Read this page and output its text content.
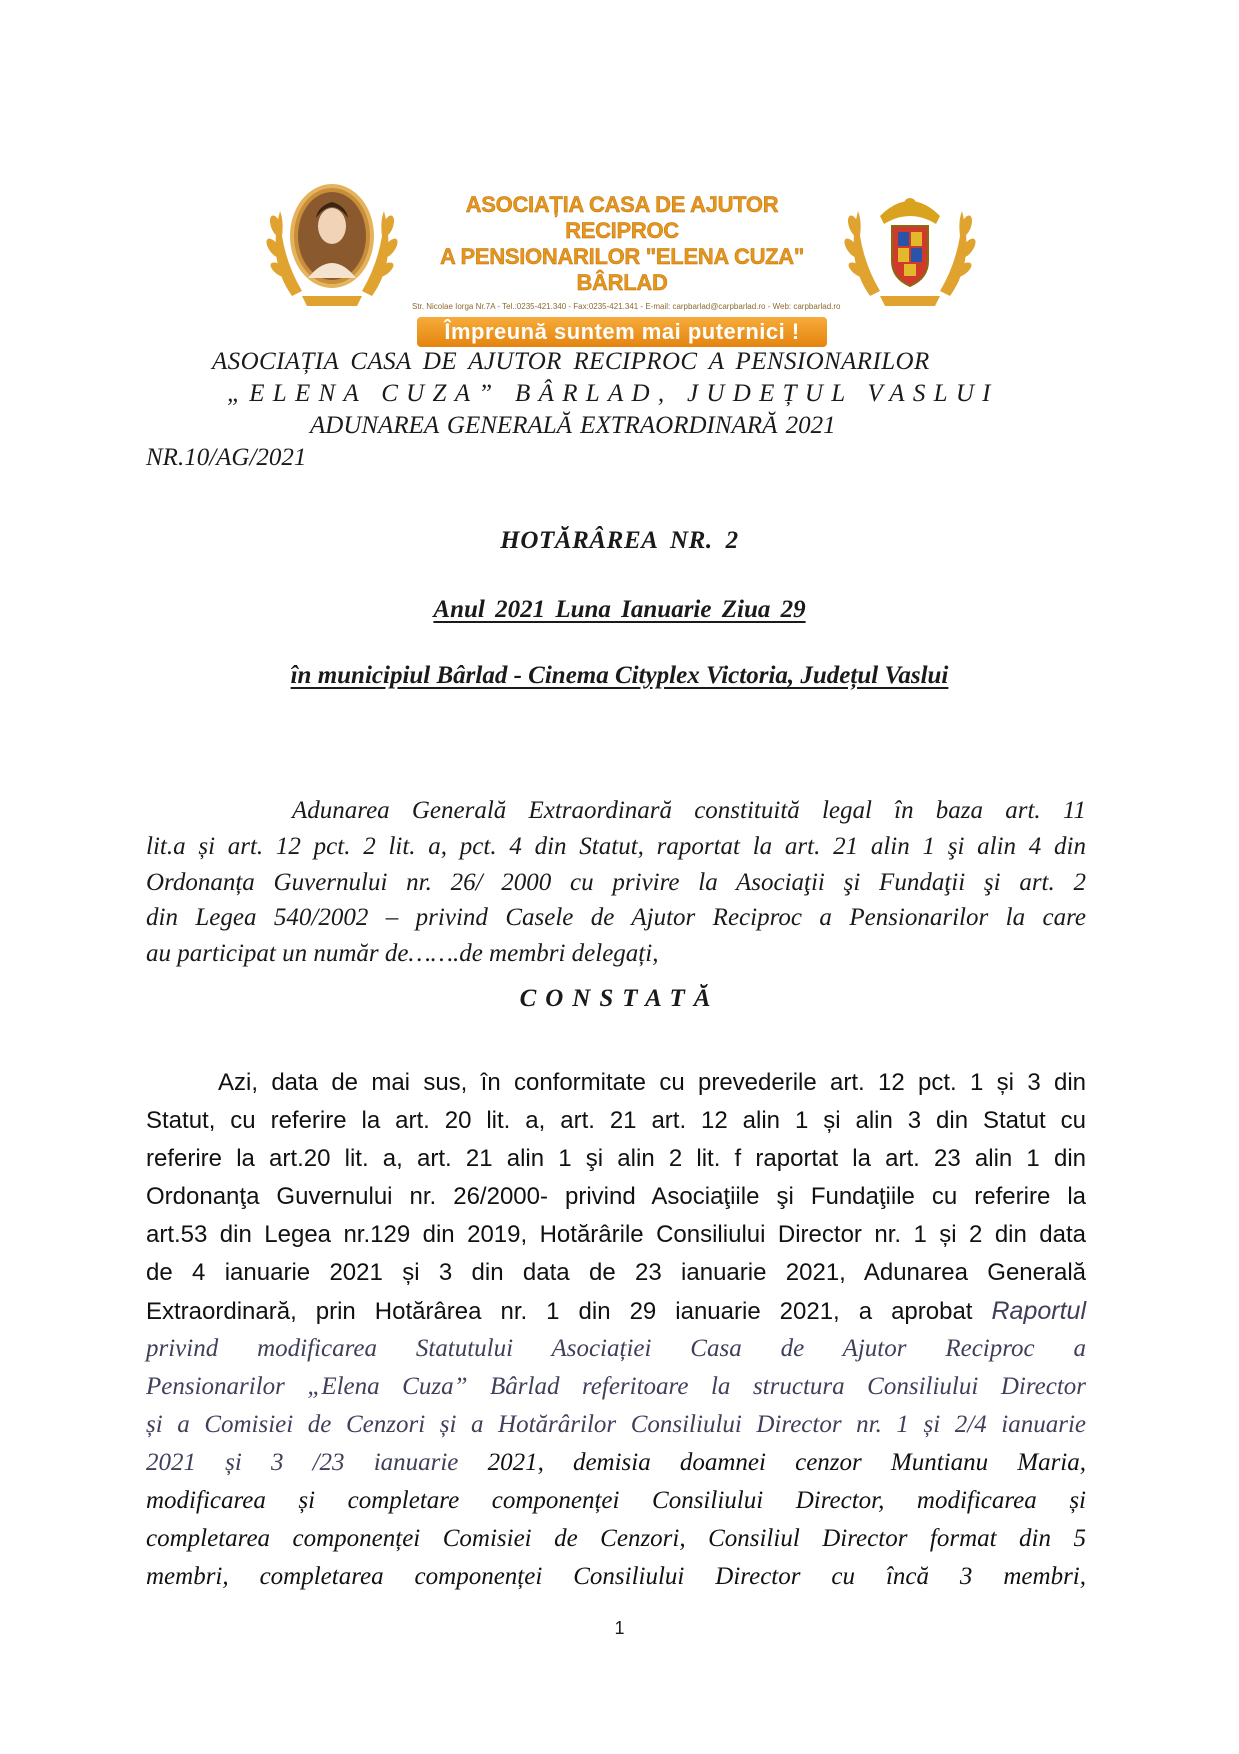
ASOCIAȚIA CASA DE AJUTOR RECIPROC
A PENSIONARILOR "ELENA CUZA" BÂRLAD
Str. Nicolae Iorga Nr.7A - Tel.:0235-421.340 - Fax:0235-421.341 - E-mail: carpbarlad@carpbarlad.ro - Web: carpbarlad.ro
Împreună suntem mai puternici !
ASOCIAȚIA CASA DE AJUTOR RECIPROC A PENSIONARILOR
„ELENA CUZA” BÂRLAD, JUDEȚUL VASLUI
ADUNAREA GENERALĂ EXTRAORDINARĂ 2021
NR.10/AG/2021
HOTĂRÂREA NR. 2
Anul 2021 Luna Ianuarie Ziua 29
în municipiul Bârlad - Cinema Cityplex Victoria, Județul Vaslui
Adunarea Generală Extraordinară constituită legal în baza art. 11
lit.a și art. 12 pct. 2 lit. a, pct. 4 din Statut, raportat la art. 21 alin 1 şi alin 4 din
Ordonanța Guvernului nr. 26/ 2000 cu privire la Asociaţii şi Fundaţii şi art. 2
din Legea 540/2002 – privind Casele de Ajutor Reciproc a Pensionarilor la care
au participat un număr de…….de membri delegați,
CONSTATĂ
Azi, data de mai sus, în conformitate cu prevederile art. 12 pct. 1 și 3 din
Statut, cu referire la art. 20 lit. a, art. 21 art. 12 alin 1 și alin 3 din Statut cu
referire la art.20 lit. a, art. 21 alin 1 şi alin 2 lit. f raportat la art. 23 alin 1 din
Ordonanţa Guvernului nr. 26/2000- privind Asociaţiile şi Fundaţiile cu referire la
art.53 din Legea nr.129 din 2019, Hotărârile Consiliului Director nr. 1 și 2 din data
de 4 ianuarie 2021 și 3 din data de 23 ianuarie 2021, Adunarea Generală
Extraordinară, prin Hotărârea nr. 1 din 29 ianuarie 2021, a aprobat Raportul
privind modificarea Statutului Asociației Casa de Ajutor Reciproc a
Pensionarilor „Elena Cuza” Bârlad referitoare la structura Consiliului Director
și a Comisiei de Cenzori și a Hotărârilor Consiliului Director nr. 1 și 2/4 ianuarie
2021 și 3 /23 ianuarie 2021, demisia doamnei cenzor Muntianu Maria,
modificarea și completare componenței Consiliului Director, modificarea și
completarea componenței Comisiei de Cenzori, Consiliul Director format din 5
membri, completarea componenței Consiliului Director cu încă 3 membri,
1
